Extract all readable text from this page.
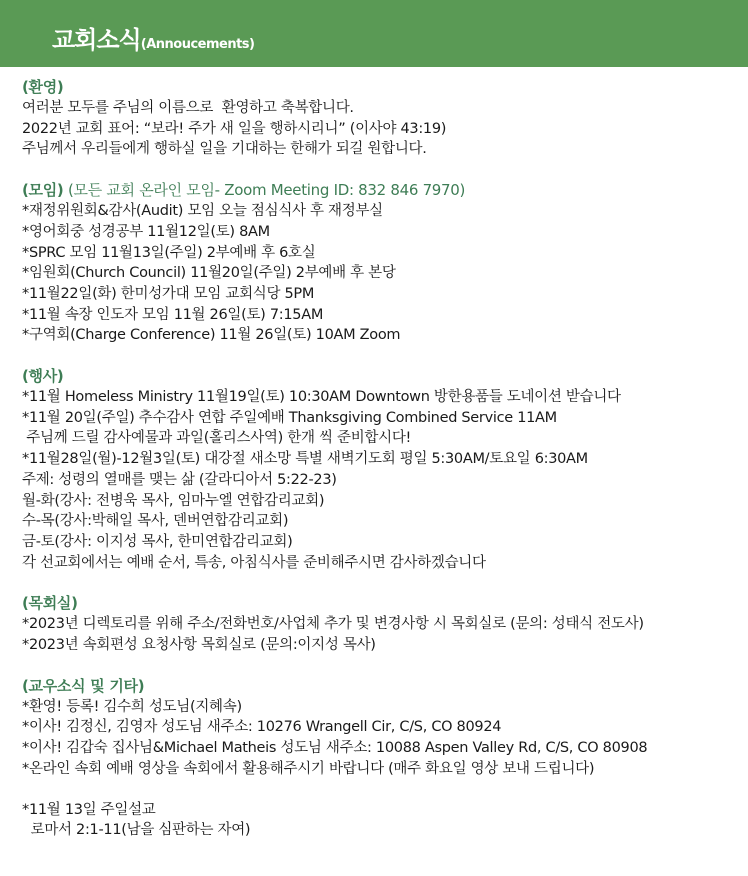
교회소식(Annoucements)
(환영)
여러분 모두를 주님의 이름으로  환영하고 축복합니다.
2022년 교회 표어: “보라! 주가 새 일을 행하시리니” (이사야 43:19)
주님께서 우리들에게 행하실 일을 기대하는 한해가 되길 원합니다.
(모임) (모든 교회 온라인 모임- Zoom Meeting ID: 832 846 7970)
*재정위원회&감사(Audit) 모임 오늘 점심식사 후 재정부실
*영어회중 성경공부 11월12일(토) 8AM
*SPRC 모임 11월13일(주일) 2부예배 후 6호실
*임원회(Church Council) 11월20일(주일) 2부예배 후 본당
*11월22일(화) 한미성가대 모임 교회식당 5PM
*11월 속장 인도자 모임 11월 26일(토) 7:15AM
*구역회(Charge Conference) 11월 26일(토) 10AM Zoom
(행사)
*11월 Homeless Ministry 11월19일(토) 10:30AM Downtown 방한용품들 도네이션 받습니다
*11월 20일(주일) 추수감사 연합 주일예배 Thanksgiving Combined Service 11AM
주님께 드릴 감사예물과 과일(홀리스사역) 한개 씩 준비합시다!
*11월28일(월)-12월3일(토) 대강절 새소망 특별 새벽기도회 평일 5:30AM/토요일 6:30AM
주제: 성령의 열매를 맺는 삶 (갈라디아서 5:22-23)
월-화(강사: 전병욱 목사, 임마누엘 연합감리교회)
수-목(강사:박해일 목사, 덴버연합감리교회)
금-토(강사: 이지성 목사, 한미연합감리교회)
각 선교회에서는 예배 순서, 특송, 아침식사를 준비해주시면 감사하겠습니다
(목회실)
*2023년 디렉토리를 위해 주소/전화번호/사업체 추가 및 변경사항 시 목회실로 (문의: 성태식 전도사)
*2023년 속회편성 요청사항 목회실로 (문의:이지성 목사)
(교우소식 및 기타)
*환영! 등록! 김수희 성도님(지혜속)
*이사! 김정신, 김영자 성도님 새주소: 10276 Wrangell Cir, C/S, CO 80924
*이사! 김갑숙 집사님&Michael Matheis 성도님 새주소: 10088 Aspen Valley Rd, C/S, CO 80908
*온라인 속회 예배 영상을 속회에서 활용해주시기 바랍니다 (매주 화요일 영상 보내 드립니다)
*11월 13일 주일설교
로마서 2:1-11(남을 심판하는 자여)
